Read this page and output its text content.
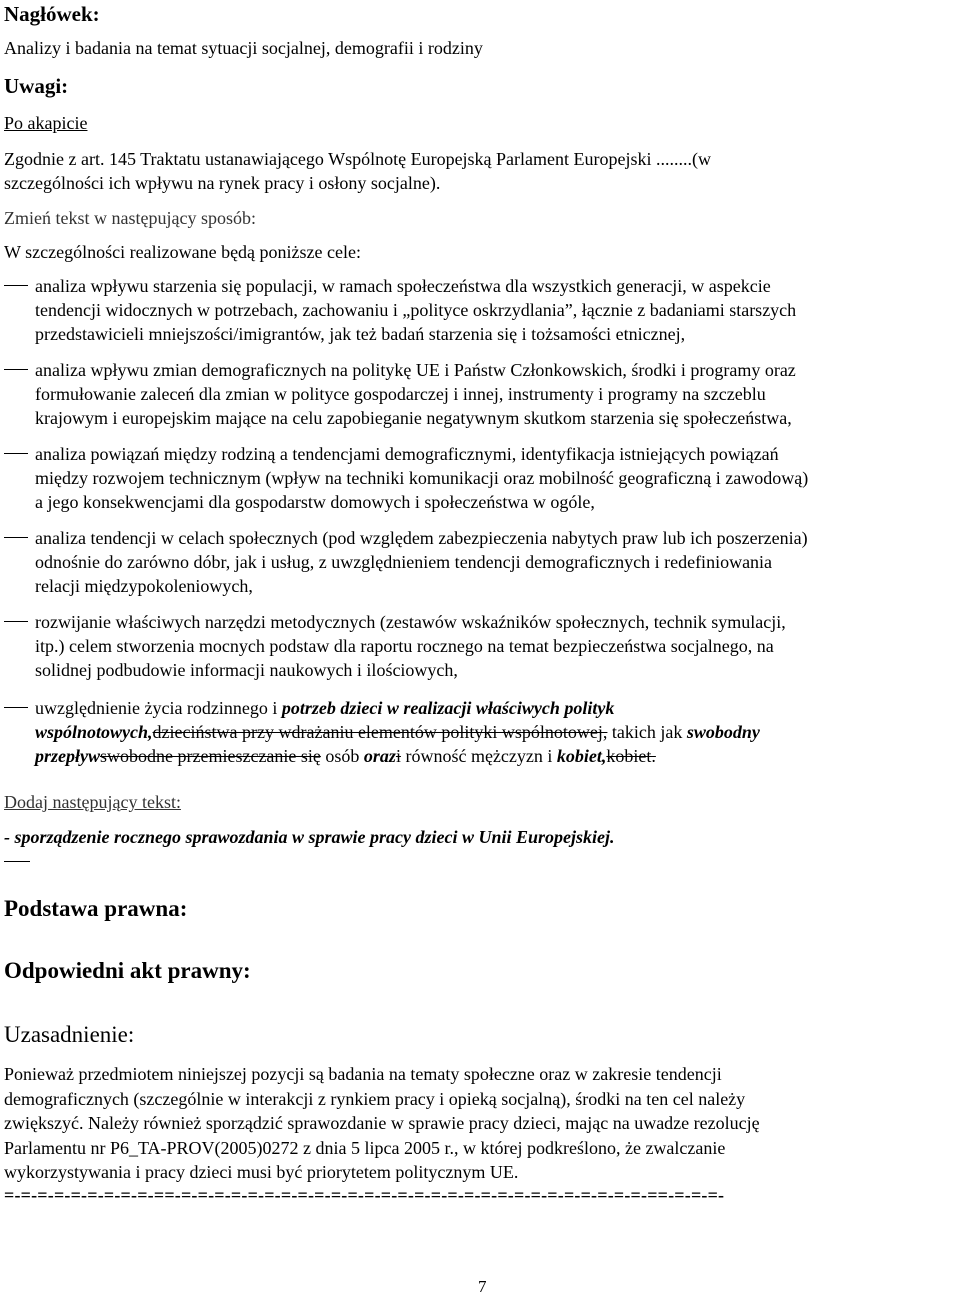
Nagłówek:

Analizy i badania na temat sytuacji socjalnej, demografii i rodziny

Uwagi:

Po akapicie

Zgodnie z art. 145 Traktatu ustanawiającego Wspólnotę Europejską Parlament Europejski ........(w

szczególności ich wpływu na rynek pracy i osłony socjalne).

Zmień tekst w następujący sposób:

W szczególności realizowane będą poniższe cele:

analiza wpływu starzenia się populacji, w ramach społeczeństwa dla wszystkich generacji, w aspekcie
tendencji widocznych w potrzebach, zachowaniu i „polityce oskrzydlania”, łącznie z badaniami starszych
przedstawicieli mniejszości/imigrantów, jak też badań starzenia się i tożsamości etnicznej,
analiza wpływu zmian demograficznych na politykę UE i Państw Członkowskich, środki i programy oraz
formułowanie zaleceń dla zmian w polityce gospodarczej i innej, instrumenty i programy na szczeblu
krajowym i europejskim mające na celu zapobieganie negatywnym skutkom starzenia się społeczeństwa,
analiza powiązań między rodziną a tendencjami demograficznymi, identyfikacja istniejących powiązań
między rozwojem technicznym (wpływ na techniki komunikacji oraz mobilność geograficzną i zawodową)
a jego konsekwencjami dla gospodarstw domowych i społeczeństwa w ogóle,
analiza tendencji w celach społecznych (pod względem zabezpieczenia nabytych praw lub ich poszerzenia)
odnośnie do zarówno dóbr, jak i usług, z uwzględnieniem tendencji demograficznych i redefiniowania
relacji międzypokoleniowych,
rozwijanie właściwych narzędzi metodycznych (zestawów wskaźników społecznych, technik symulacji,
itp.) celem stworzenia mocnych podstaw dla raportu rocznego na temat bezpieczeństwa socjalnego, na
solidnej podbudowie informacji naukowych i ilościowych,
uwzględnienie życia rodzinnego i potrzeb dzieci w realizacji właściwych polityk
wspólnotowych,dzieciństwa przy wdrażaniu elementów polityki wspólnotowej, takich jak swobodny
przepływswobodne przemieszczanie się osób orazi równość mężczyzn i kobiet,kobiet.

Dodaj następujący tekst:

- sporządzenie rocznego sprawozdania w sprawie pracy dzieci w Unii Europejskiej.

Podstawa prawna:

Odpowiedni akt prawny:

Uzasadnienie:

Ponieważ przedmiotem niniejszej pozycji są badania na tematy społeczne oraz w zakresie tendencji
demograficznych (szczególnie w interakcji z rynkiem pracy i opieką socjalną), środki na ten cel należy
zwiększyć. Należy również sporządzić sprawozdanie w sprawie pracy dzieci, mając na uwadze rezolucję
Parlamentu nr P6_TA-PROV(2005)0272 z dnia 5 lipca 2005 r., w której podkreślono, że zwalczanie
wykorzystywania i pracy dzieci musi być priorytetem politycznym UE.
=-=-=-=-=-=-=-=-=-==-=-=-=-=-=-=-=-=-=-=-=-=-=-=-=-=-=-=-=-=-=-=-=-=-=-=-=-=-==-=-=-=-
7
